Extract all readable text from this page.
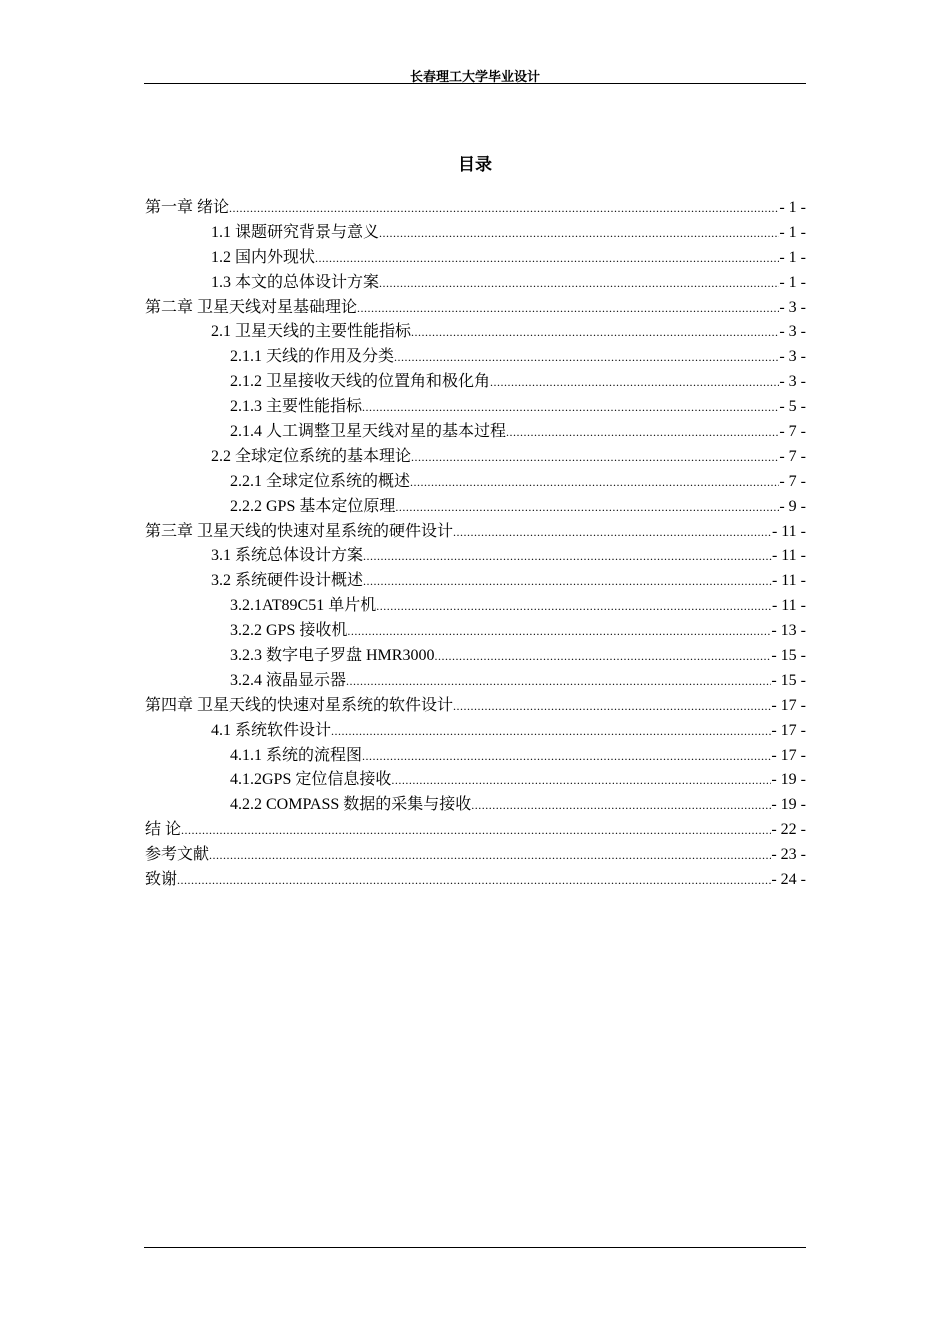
长春理工大学毕业设计
目录
第一章 绪论 .....	- 1 -
1.1 课题研究背景与意义 .....	- 1 -
1.2 国内外现状 .....	- 1 -
1.3 本文的总体设计方案 .....	- 1 -
第二章 卫星天线对星基础理论 .....	- 3 -
2.1 卫星天线的主要性能指标 .....	- 3 -
2.1.1 天线的作用及分类 .....	- 3 -
2.1.2 卫星接收天线的位置角和极化角 .....	- 3 -
2.1.3 主要性能指标 .....	- 5 -
2.1.4 人工调整卫星天线对星的基本过程 .....	- 7 -
2.2 全球定位系统的基本理论 .....	- 7 -
2.2.1 全球定位系统的概述 .....	- 7 -
2.2.2 GPS 基本定位原理 .....	- 9 -
第三章 卫星天线的快速对星系统的硬件设计 .....	- 11 -
3.1 系统总体设计方案 .....	- 11 -
3.2 系统硬件设计概述 .....	- 11 -
3.2.1AT89C51 单片机 .....	- 11 -
3.2.2 GPS 接收机 .....	- 13 -
3.2.3 数字电子罗盘 HMR3000 .....	- 15 -
3.2.4 液晶显示器 .....	- 15 -
第四章 卫星天线的快速对星系统的软件设计 .....	- 17 -
4.1 系统软件设计 .....	- 17 -
4.1.1 系统的流程图 .....	- 17 -
4.1.2GPS 定位信息接收 .....	- 19 -
4.2.2 COMPASS 数据的采集与接收 .....	- 19 -
结 论 .....	- 22 -
参考文献 .....	- 23 -
致谢 .....	- 24 -
